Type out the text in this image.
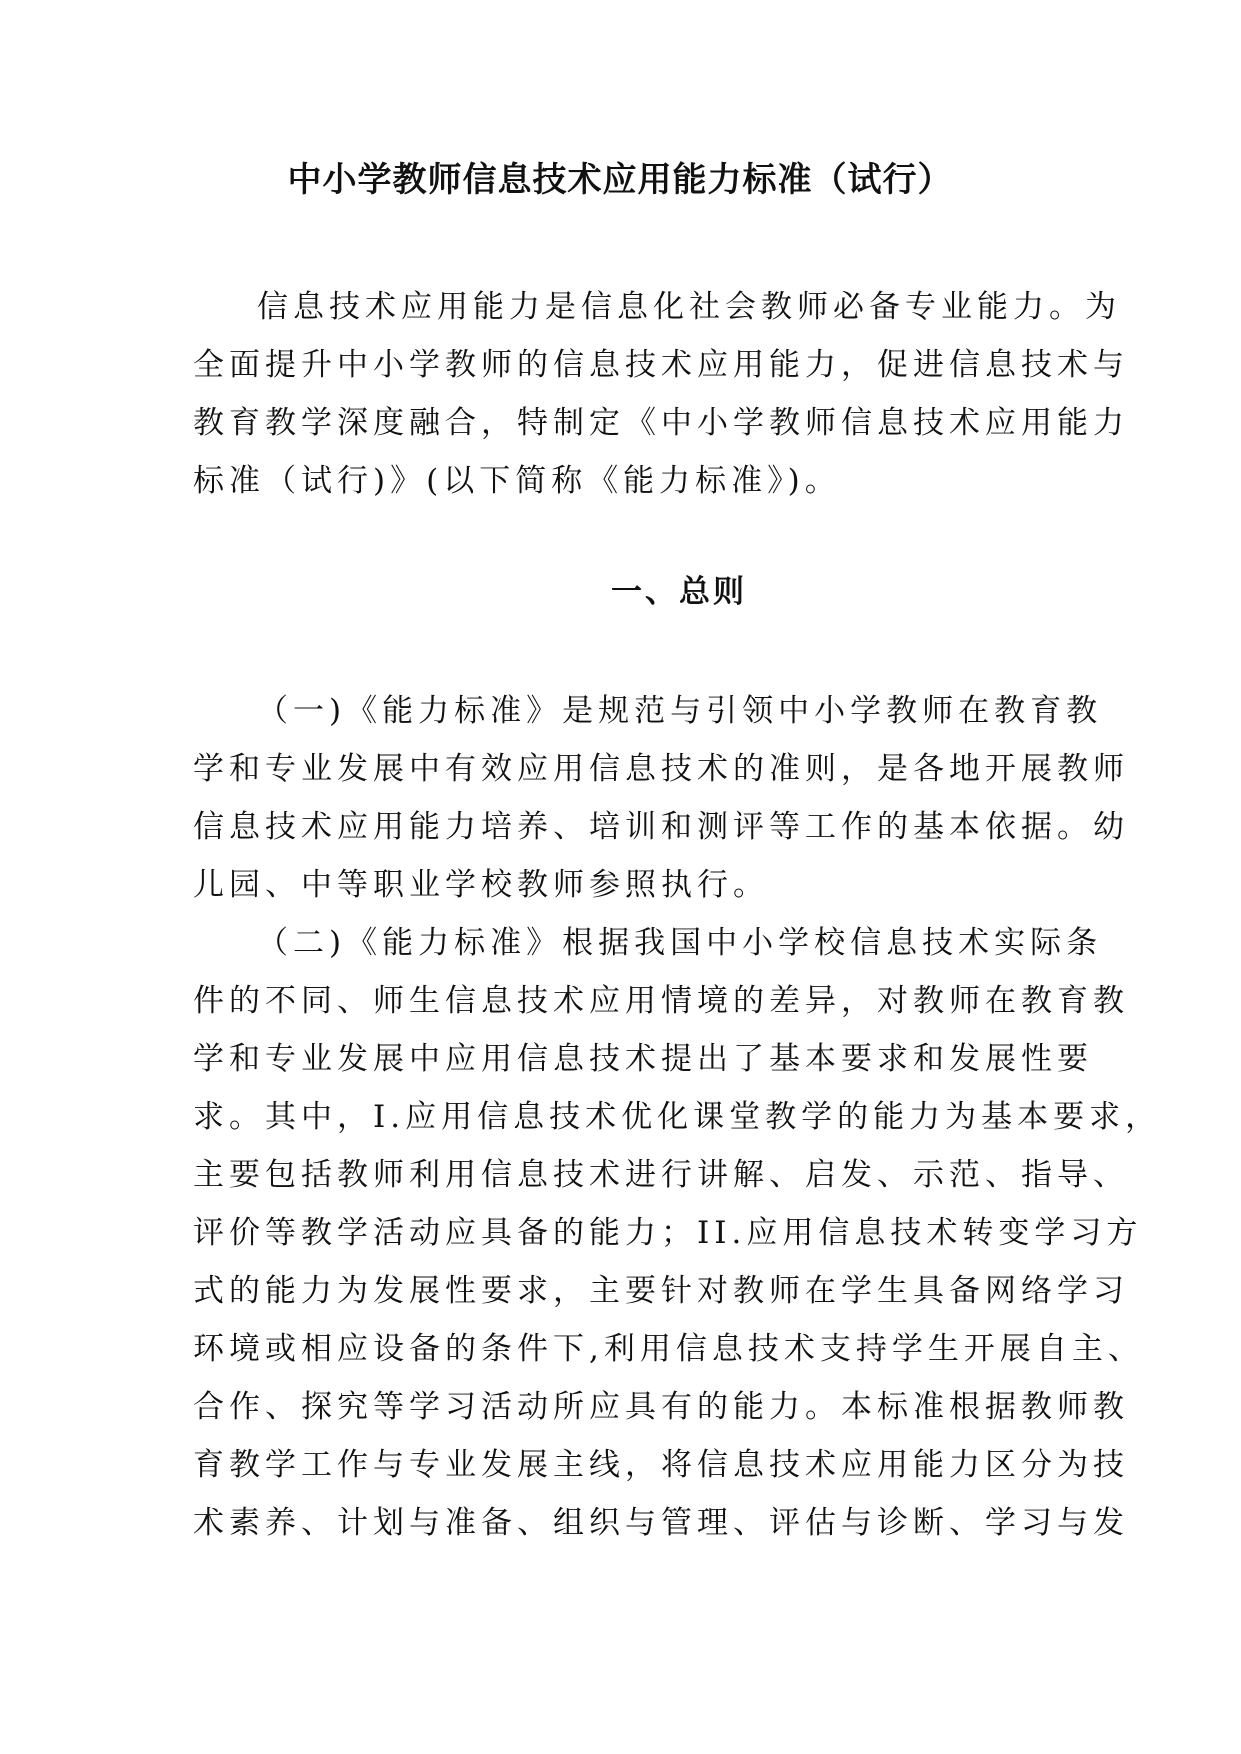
中小学教师信息技术应用能力标准（试行）
信息技术应用能力是信息化社会教师必备专业能力。为
全面提升中小学教师的信息技术应用能力，促进信息技术与
教育教学深度融合，特制定《中小学教师信息技术应用能力
标准（试行)》(以下简称《能力标准》)。
一、总则
（一)《能力标准》是规范与引领中小学教师在教育教
学和专业发展中有效应用信息技术的准则，是各地开展教师
信息技术应用能力培养、培训和测评等工作的基本依据。幼
儿园、中等职业学校教师参照执行。
（二)《能力标准》根据我国中小学校信息技术实际条
件的不同、师生信息技术应用情境的差异，对教师在教育教
学和专业发展中应用信息技术提出了基本要求和发展性要
求。其中，I.应用信息技术优化课堂教学的能力为基本要求，
主要包括教师利用信息技术进行讲解、启发、示范、指导、
评价等教学活动应具备的能力；II.应用信息技术转变学习方
式的能力为发展性要求，主要针对教师在学生具备网络学习
环境或相应设备的条件下,利用信息技术支持学生开展自主、
合作、探究等学习活动所应具有的能力。本标准根据教师教
育教学工作与专业发展主线，将信息技术应用能力区分为技
术素养、计划与准备、组织与管理、评估与诊断、学习与发
